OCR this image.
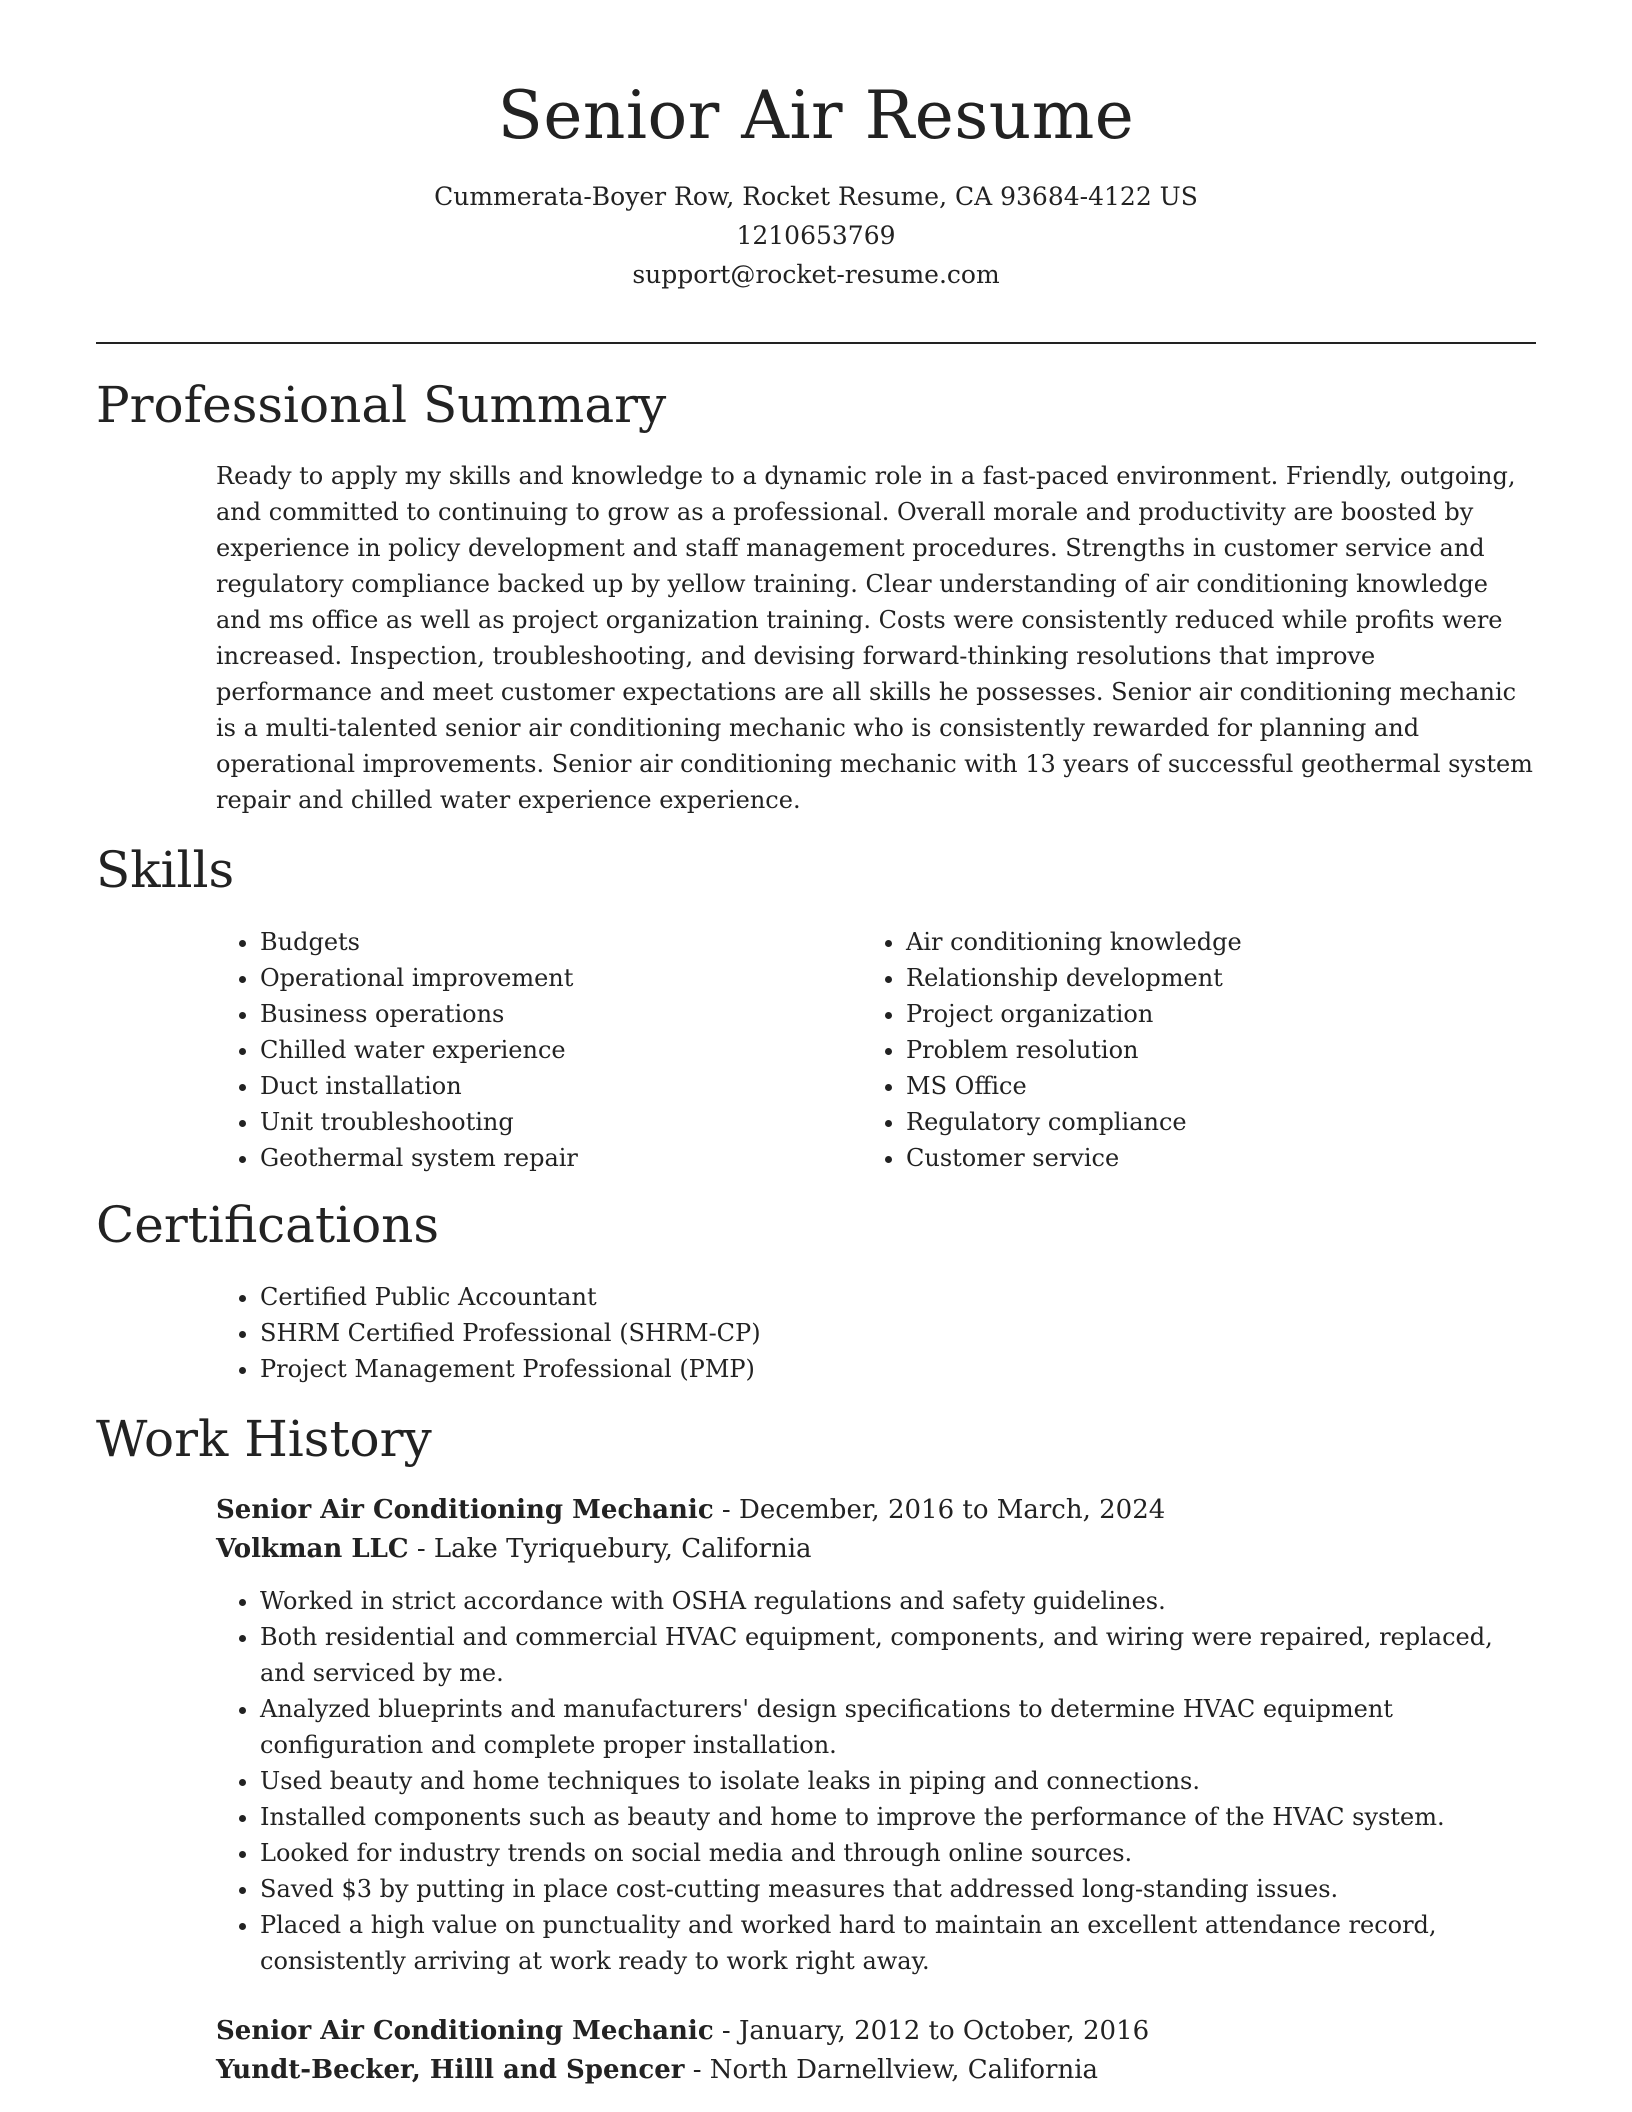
Senior Air Resume

Cummerata-Boyer Row, Rocket Resume, CA 93684-4122 US

1210653769

support@rocket-resume.com

Professional Summary

Ready to apply my skills and knowledge to a dynamic role in a fast-paced environment. Friendly, outgoing, and committed to continuing to grow as a professional. Overall morale and productivity are boosted by experience in policy development and staff management procedures. Strengths in customer service and regulatory compliance backed up by yellow training. Clear understanding of air conditioning knowledge and ms office as well as project organization training. Costs were consistently reduced while profits were increased. Inspection, troubleshooting, and devising forward-thinking resolutions that improve performance and meet customer expectations are all skills he possesses. Senior air conditioning mechanic is a multi-talented senior air conditioning mechanic who is consistently rewarded for planning and operational improvements. Senior air conditioning mechanic with 13 years of successful geothermal system repair and chilled water experience experience.

Skills
• Budgets
• Operational improvement
• Business operations
• Chilled water experience
• Duct installation
• Unit troubleshooting
• Geothermal system repair
• Air conditioning knowledge
• Relationship development
• Project organization
• Problem resolution
• MS Office
• Regulatory compliance
• Customer service
Certifications
• Certified Public Accountant
• SHRM Certified Professional (SHRM-CP)
• Project Management Professional (PMP)
Work History

Senior Air Conditioning Mechanic - December, 2016 to March, 2024

Volkman LLC - Lake Tyriquebury, California

• Worked in strict accordance with OSHA regulations and safety guidelines.
• Both residential and commercial HVAC equipment, components, and wiring were repaired, replaced, and serviced by me.
• Analyzed blueprints and manufacturers' design specifications to determine HVAC equipment configuration and complete proper installation.
• Used beauty and home techniques to isolate leaks in piping and connections.
• Installed components such as beauty and home to improve the performance of the HVAC system.
• Looked for industry trends on social media and through online sources.
• Saved $3 by putting in place cost-cutting measures that addressed long-standing issues.
• Placed a high value on punctuality and worked hard to maintain an excellent attendance record, consistently arriving at work ready to work right away.

Senior Air Conditioning Mechanic - January, 2012 to October, 2016

Yundt-Becker, Hilll and Spencer - North Darnellview, California
